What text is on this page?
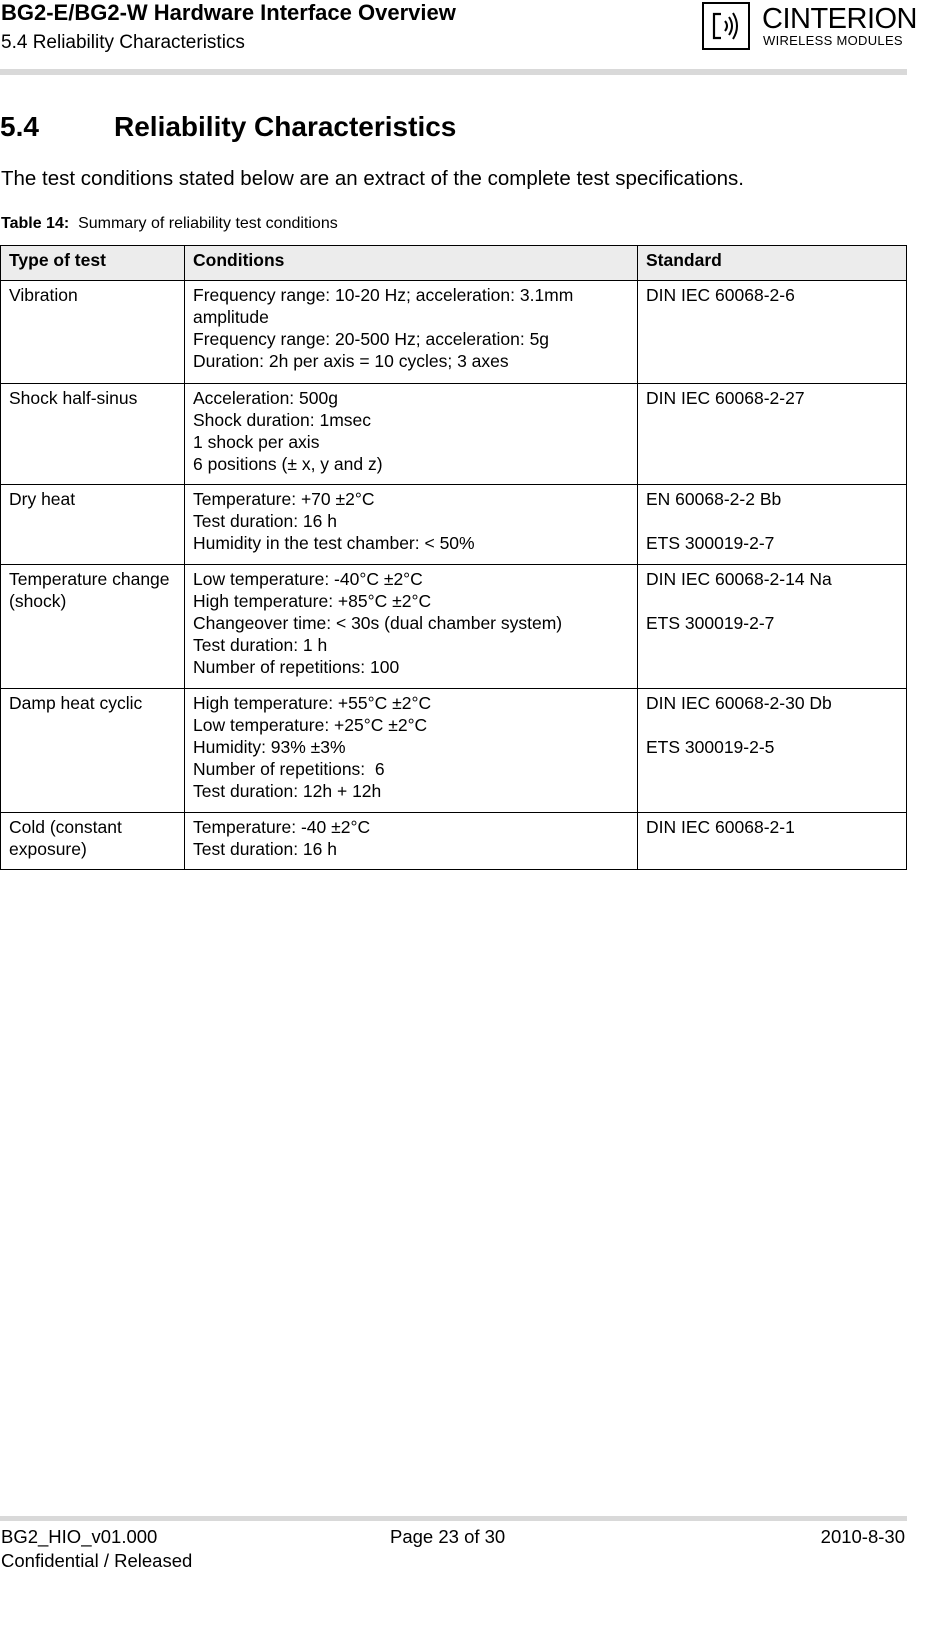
BG2-E/BG2-W Hardware Interface Overview
5.4 Reliability Characteristics
CINTERION
WIRELESS MODULES
5.4	Reliability Characteristics
The test conditions stated below are an extract of the complete test specifications.
Table 14: Summary of reliability test conditions
Type of test	Conditions	Standard
Vibration	Frequency range: 10-20 Hz; acceleration: 3.1mm amplitude
Frequency range: 20-500 Hz; acceleration: 5g
Duration: 2h per axis = 10 cycles; 3 axes	DIN IEC 60068-2-6

Shock half-sinus	Acceleration: 500g
Shock duration: 1msec
1 shock per axis
6 positions (± x, y and z)	DIN IEC 60068-2-27

Dry heat	Temperature: +70 ±2°C
Test duration: 16 h
Humidity in the test chamber: < 50%	EN 60068-2-2 Bb
ETS 300019-2-7

Temperature change (shock)	Low temperature: -40°C ±2°C
High temperature: +85°C ±2°C
Changeover time: < 30s (dual chamber system)
Test duration: 1 h
Number of repetitions: 100	DIN IEC 60068-2-14 Na
ETS 300019-2-7

Damp heat cyclic	High temperature: +55°C ±2°C
Low temperature: +25°C ±2°C
Humidity: 93% ±3%
Number of repetitions:  6
Test duration: 12h + 12h	DIN IEC 60068-2-30 Db
ETS 300019-2-5

Cold (constant exposure)	Temperature: -40 ±2°C
Test duration: 16 h	DIN IEC 60068-2-1
BG2_HIO_v01.000
Confidential / Released
Page 23 of 30	2010-8-30
